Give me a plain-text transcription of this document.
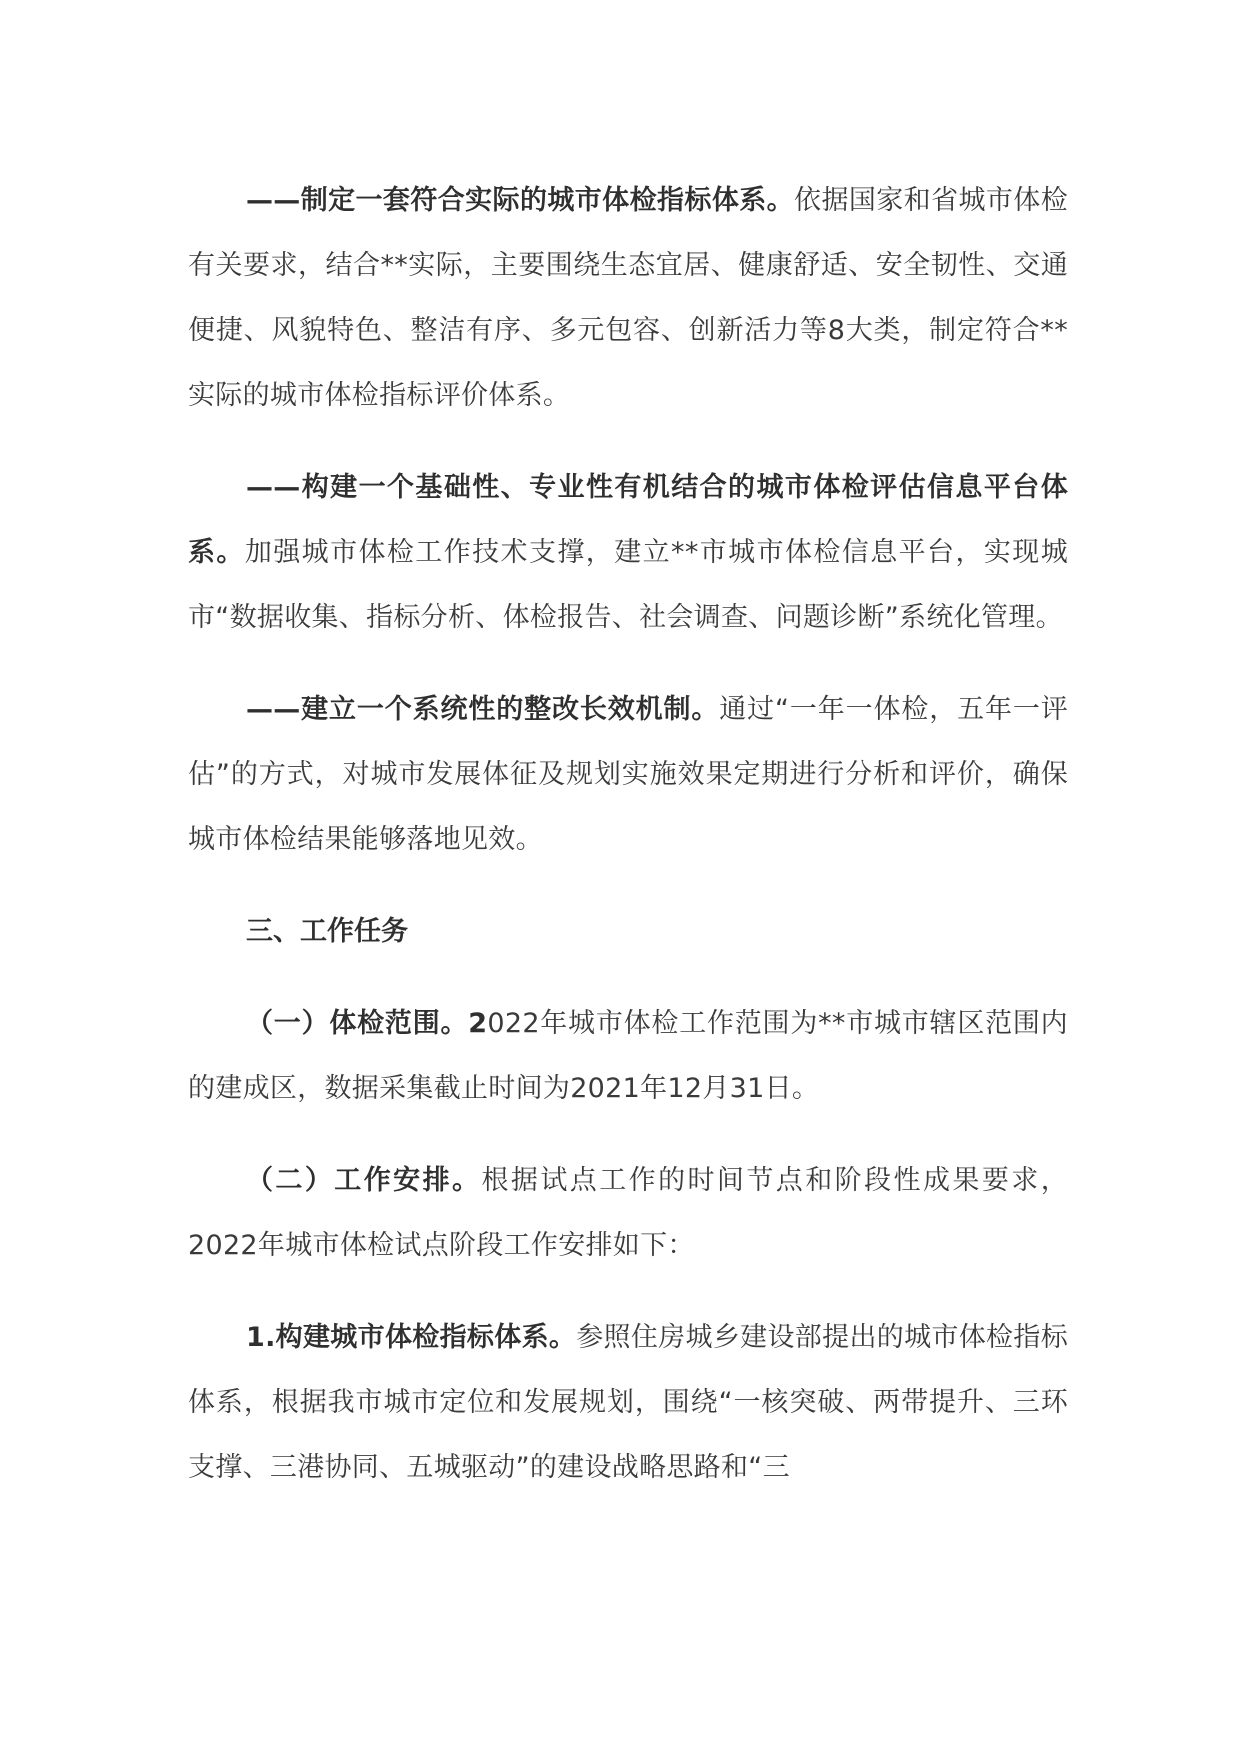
——制定一套符合实际的城市体检指标体系。依据国家和省城市体检有关要求，结合**实际，主要围绕生态宜居、健康舒适、安全韧性、交通便捷、风貌特色、整洁有序、多元包容、创新活力等8大类，制定符合**实际的城市体检指标评价体系。

——构建一个基础性、专业性有机结合的城市体检评估信息平台体系。加强城市体检工作技术支撑，建立**市城市体检信息平台，实现城市“数据收集、指标分析、体检报告、社会调查、问题诊断”系统化管理。

——建立一个系统性的整改长效机制。通过“一年一体检，五年一评估”的方式，对城市发展体征及规划实施效果定期进行分析和评价，确保城市体检结果能够落地见效。

三、工作任务

（一）体检范围。2022年城市体检工作范围为**市城市辖区范围内的建成区，数据采集截止时间为2021年12月31日。

（二）工作安排。根据试点工作的时间节点和阶段性成果要求，2022年城市体检试点阶段工作安排如下：

1.构建城市体检指标体系。参照住房城乡建设部提出的城市体检指标体系，根据我市城市定位和发展规划，围绕“一核突破、两带提升、三环支撑、三港协同、五城驱动”的建设战略思路和“三
